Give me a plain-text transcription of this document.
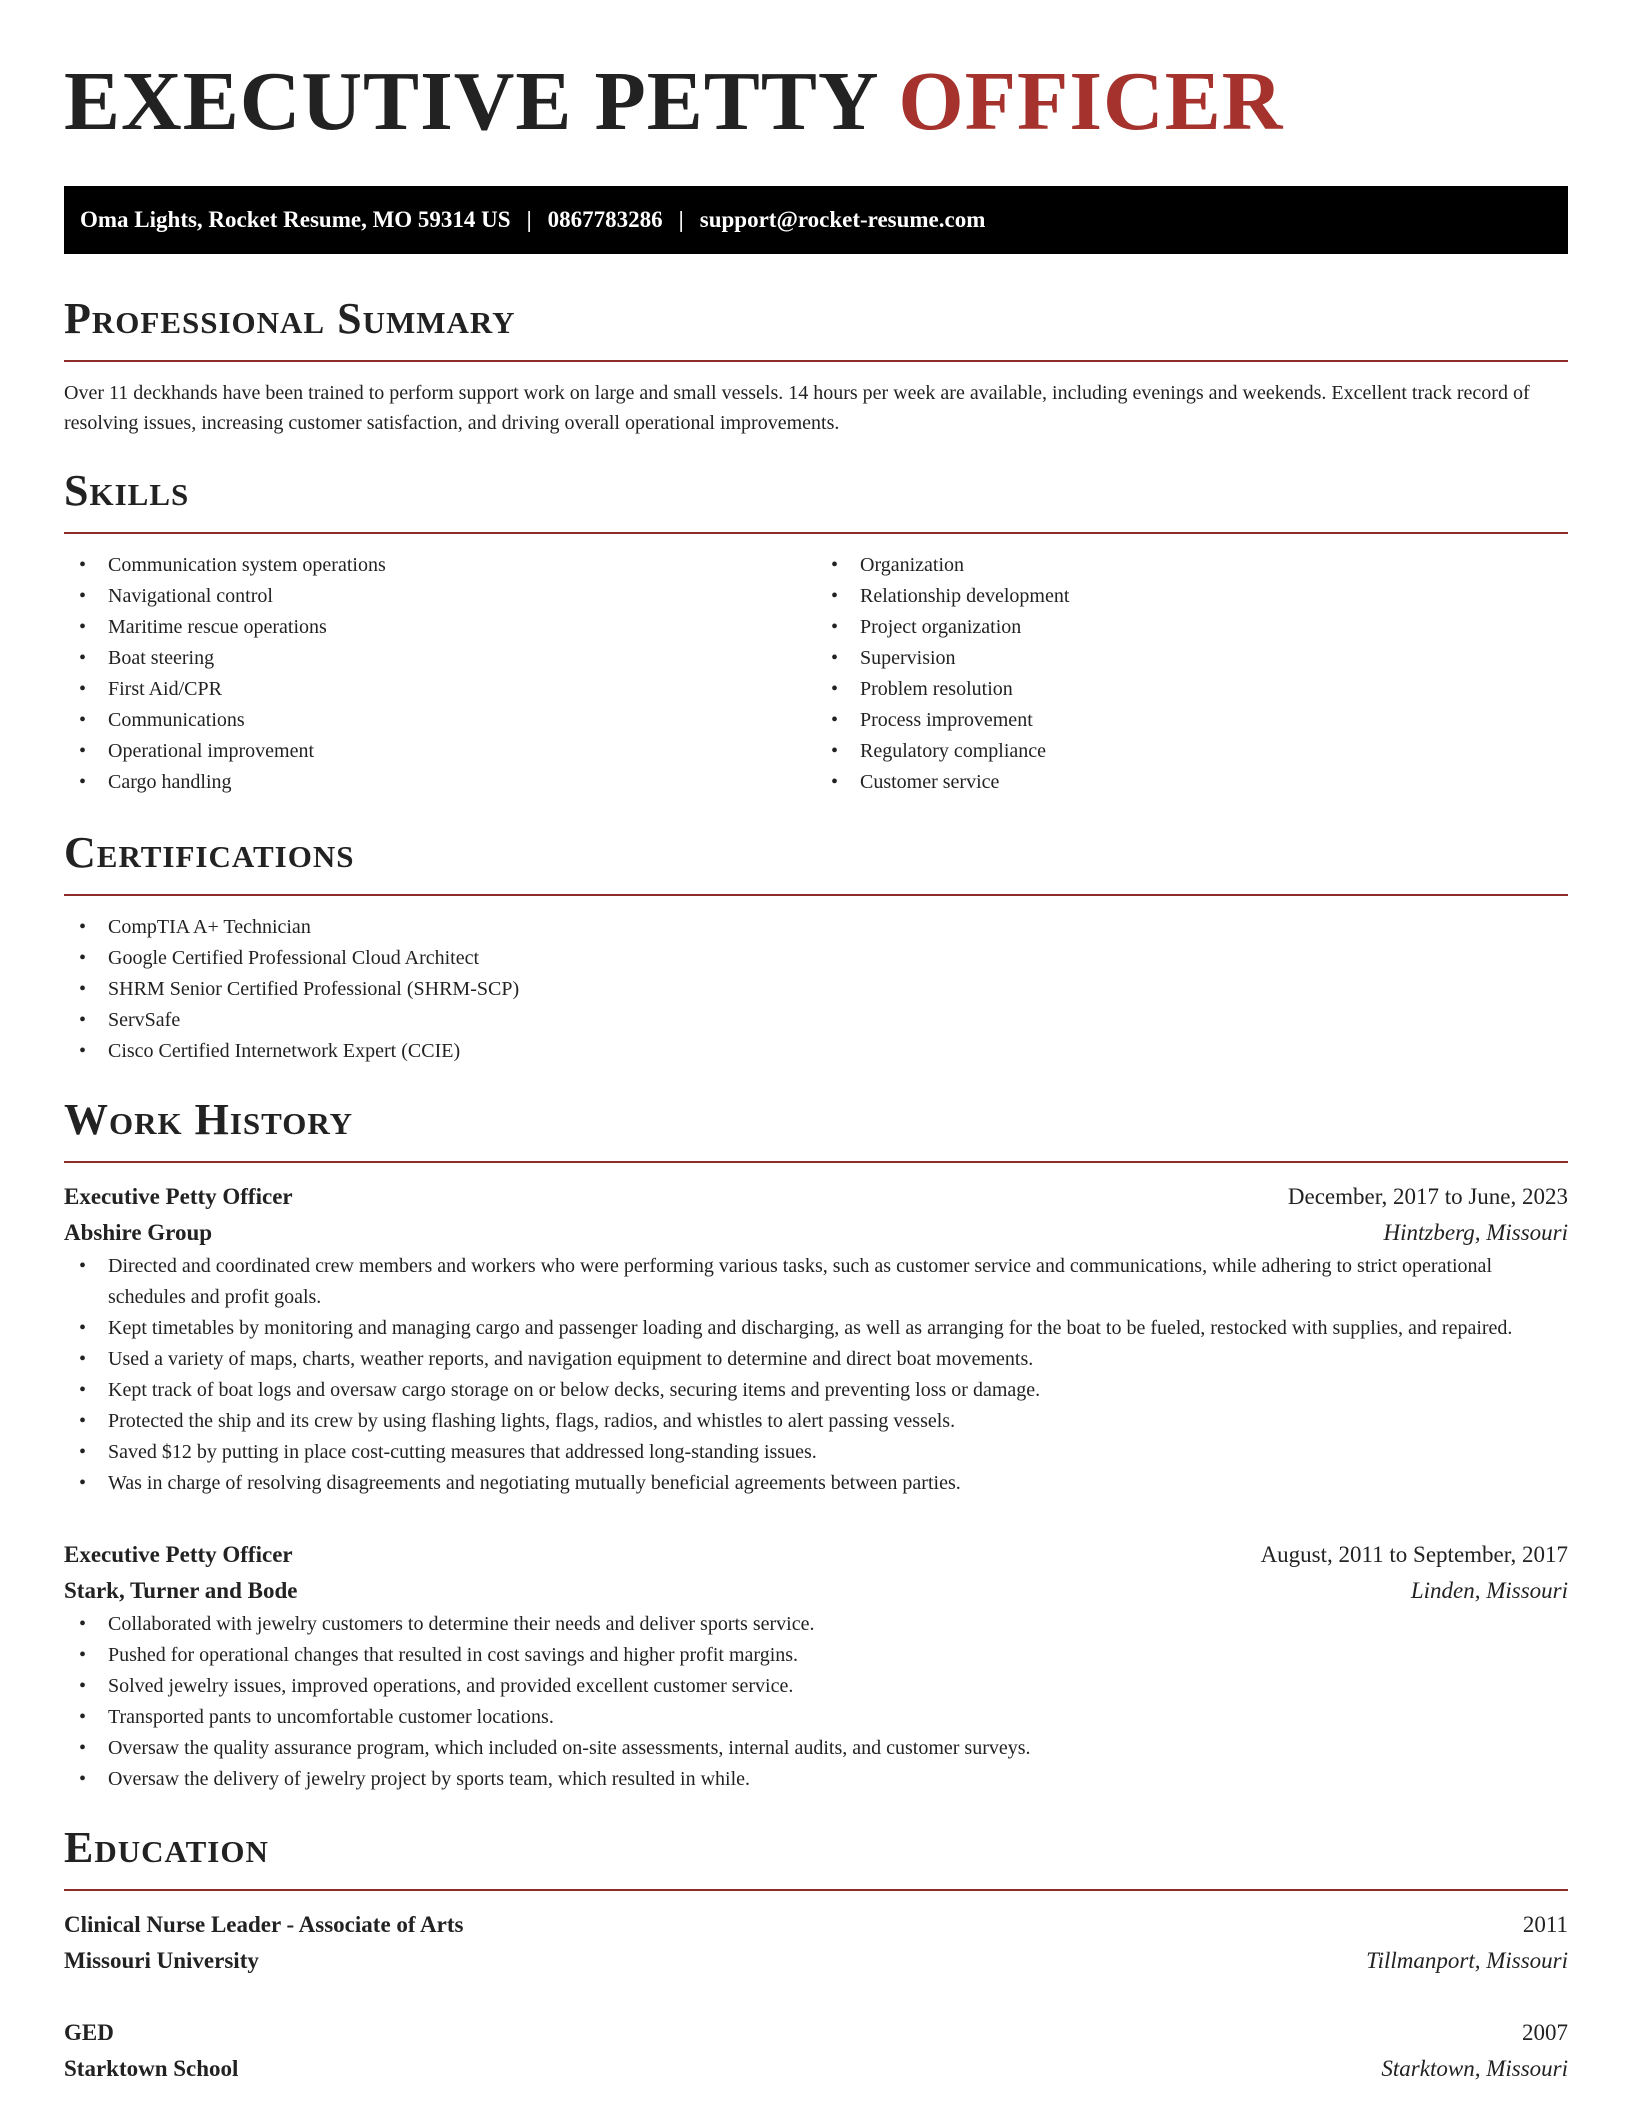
EXECUTIVE PETTY OFFICER
Oma Lights, Rocket Resume, MO 59314 US | 0867783286 | support@rocket-resume.com
Professional Summary

Over 11 deckhands have been trained to perform support work on large and small vessels. 14 hours per week are available, including evenings and weekends. Excellent track record of resolving issues, increasing customer satisfaction, and driving overall operational improvements.

Skills
• Communication system operations
• Navigational control
• Maritime rescue operations
• Boat steering
• First Aid/CPR
• Communications
• Operational improvement
• Cargo handling
• Organization
• Relationship development
• Project organization
• Supervision
• Problem resolution
• Process improvement
• Regulatory compliance
• Customer service
Certifications
• CompTIA A+ Technician
• Google Certified Professional Cloud Architect
• SHRM Senior Certified Professional (SHRM-SCP)
• ServSafe
• Cisco Certified Internetwork Expert (CCIE)
Work History
Executive Petty Officer	December, 2017 to June, 2023
Abshire Group	Hintzberg, Missouri
• Directed and coordinated crew members and workers who were performing various tasks, such as customer service and communications, while adhering to strict operational schedules and profit goals.
• Kept timetables by monitoring and managing cargo and passenger loading and discharging, as well as arranging for the boat to be fueled, restocked with supplies, and repaired.
• Used a variety of maps, charts, weather reports, and navigation equipment to determine and direct boat movements.
• Kept track of boat logs and oversaw cargo storage on or below decks, securing items and preventing loss or damage.
• Protected the ship and its crew by using flashing lights, flags, radios, and whistles to alert passing vessels.
• Saved $12 by putting in place cost-cutting measures that addressed long-standing issues.
• Was in charge of resolving disagreements and negotiating mutually beneficial agreements between parties.
Executive Petty Officer	August, 2011 to September, 2017
Stark, Turner and Bode	Linden, Missouri
• Collaborated with jewelry customers to determine their needs and deliver sports service.
• Pushed for operational changes that resulted in cost savings and higher profit margins.
• Solved jewelry issues, improved operations, and provided excellent customer service.
• Transported pants to uncomfortable customer locations.
• Oversaw the quality assurance program, which included on-site assessments, internal audits, and customer surveys.
• Oversaw the delivery of jewelry project by sports team, which resulted in while.
Education
Clinical Nurse Leader - Associate of Arts	2011
Missouri University	Tillmanport, Missouri
GED	2007
Starktown School	Starktown, Missouri
